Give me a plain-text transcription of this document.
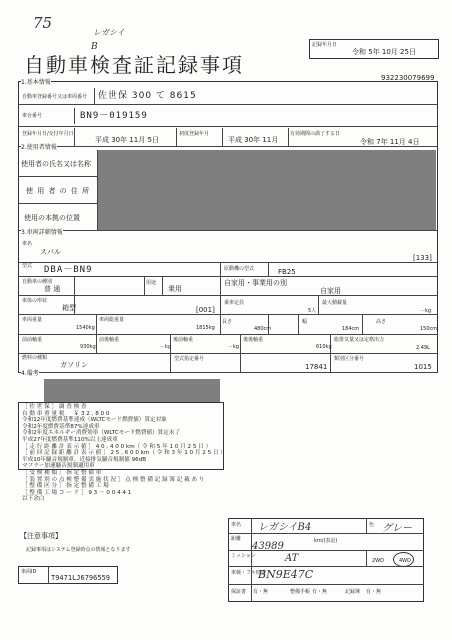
75
B
レガシイ
自動車検査証記録事項
記録年月日
令和 5年 10月 25日
932230079699
1.基本情報
自動車登録番号又は車両番号 佐世保 300 て 8615
車台番号	BN9－019159
登録年月日/交付年月日
平成 30年 11月 5日
初度登録年月
平成 30年 11月
有効期間の満了する日
令和 7年 11月 4日
2.使用者情報
使用者の氏名又は名称
使 用 者 の 住 所
使用の本拠の位置
3.車両詳細情報
車名
スバル
[133]
型式 DBA－BN9	原動機の型式	FB25
自動車の種別
普 通
用途
乗用
自家用・事業用の別
自家用
車体の形状
箱型	[001]
乗車定員
5人
最大積載量
－kg
車両重量
1540kg
車両総重量
1815kg
長さ
480cm
幅
184cm
高さ
150cm
前前軸重
930kg
前後軸重
－kg
後前軸重
－kg
後後軸重
610kg
総排気量又は定格出力
2.49L
燃料の種類
ガソリン
型式指定番号
17841
類別区分番号
1015
4.備考
［ 佐 世 保 ］ 調 査 検 査
自 動 車 重 量 税 　 ￥ 3 2 , 8 0 0
令和12年度燃費基準達成（WLTCモード燃費値）算定対象
令和2年度燃費基準87%達成車
令和2年度エネルギー消費効率（WLTCモード燃費値）算定未了
平成27年度燃費基準110%以上達成車
［ 走 行 距 離 計 表 示 値 ］ 4 0 , 4 0 0 km（ 令 和 5 年 1 0 月 2 5 日 ）
［ 前 回 記 録 距 離 計 表 示 値 ］ 2 5 , 6 0 0 km（ 令 和 3 年 1 0 月 2 5 日 ）
平成10年騒音規制車。近接排気騒音規制値 96dB
マフラー加速騒音規制適用車
［ 受 検 種 類 ］ 指 定 整 備 車
［ 装 置 別 の 点 検 整 備 実 施 状 況 ］ 点 検 整 備 記 録 簿 記 載 あ り
［ 整 備 区 分 ］ 指 定 整 備 工 場
［ 整 備 工 場 コ ー ド ］ 9 3 － 0 0 4 4 1
以下余白
【注意事項】
記録事項はシステム登録時点の情報となります
車両ID
T9471LJ6796559
車名 レガシイB4	色 グレー
距離
43989	km/(表記)
ミッション	AT	2WD	4WD
車検・フル形式
BN9E47C
保証書 有・無	整備手帳 有・無	記録簿 有・無
